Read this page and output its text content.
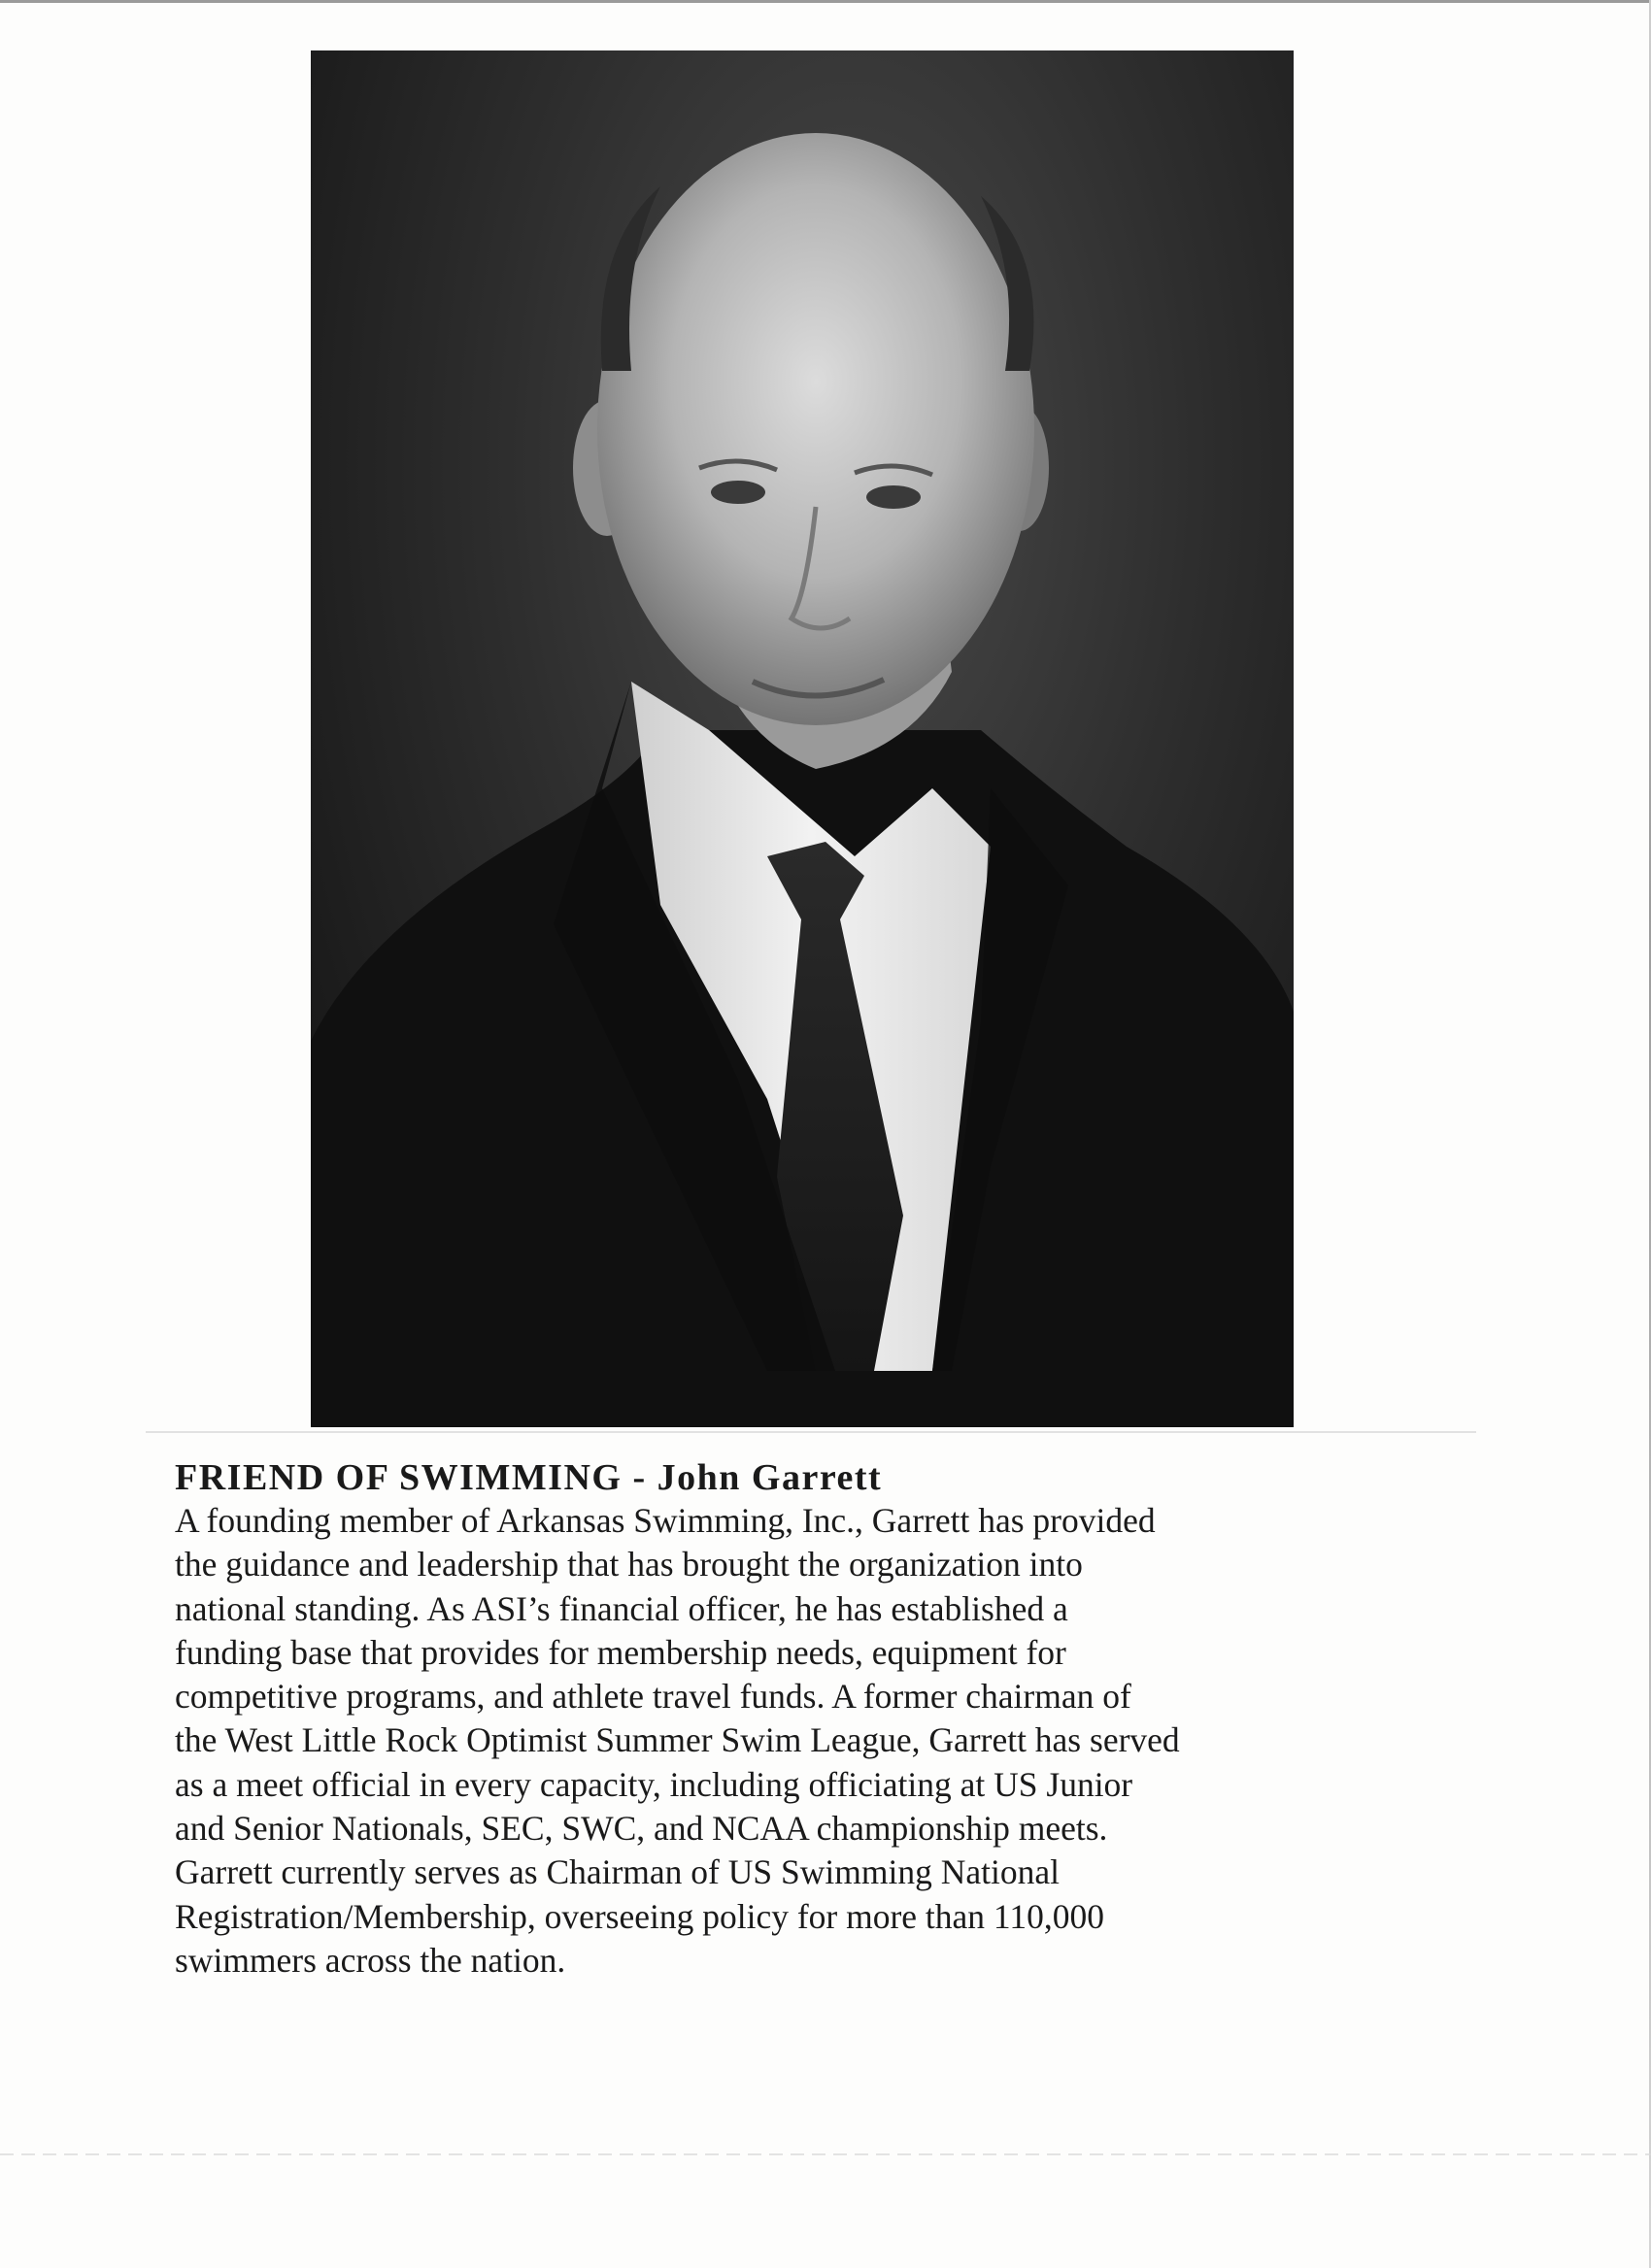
FRIEND OF SWIMMING - John Garrett

A founding member of Arkansas Swimming, Inc., Garrett has provided
the guidance and leadership that has brought the organization into
national standing. As ASI’s financial officer, he has established a
funding base that provides for membership needs, equipment for
competitive programs, and athlete travel funds. A former chairman of
the West Little Rock Optimist Summer Swim League, Garrett has served
as a meet official in every capacity, including officiating at US Junior
and Senior Nationals, SEC, SWC, and NCAA championship meets.
Garrett currently serves as Chairman of US Swimming National
Registration/Membership, overseeing policy for more than 110,000
swimmers across the nation.
